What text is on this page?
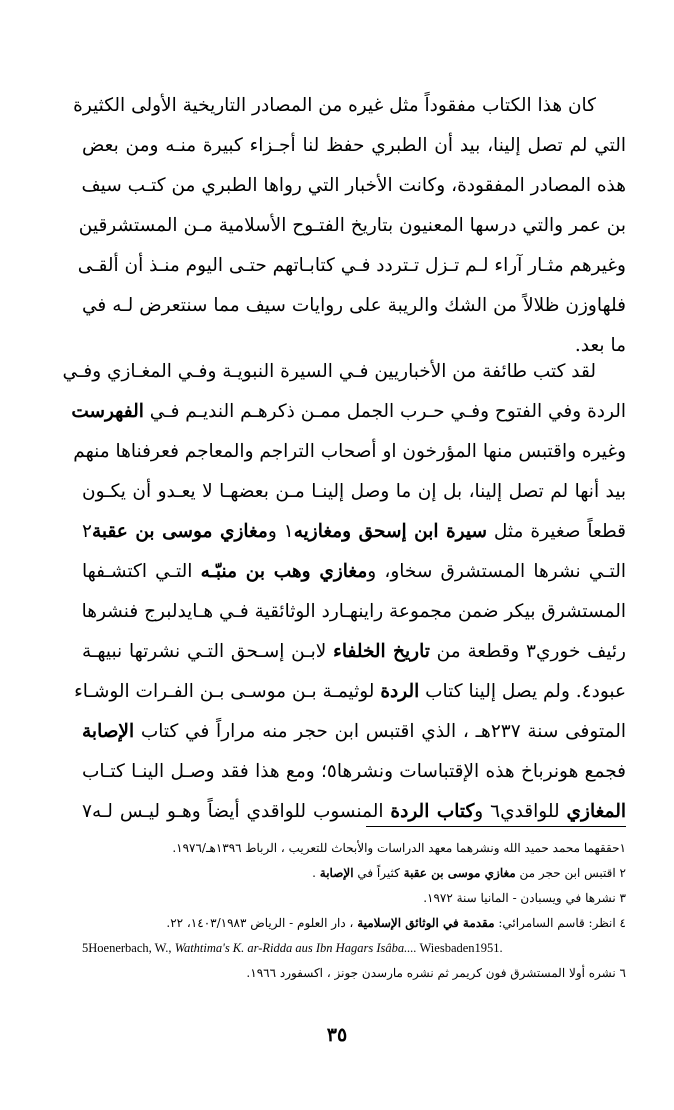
كان هذا الكتاب مفقوداً مثل غيره من المصادر التاريخية الأولى الكثيرة
التي لم تصل إلينا، بيد أن الطبري حفظ لنا أجـزاء كبيرة منـه ومن بعض
هذه المصادر المفقودة، وكانت الأخبار التي رواها الطبري من كتـب سيف
بن عمر والتي درسها المعنيون بتاريخ الفتـوح الأسلامية مـن المستشرقين
وغيرهم مثـار آراء لـم تـزل تـتردد فـي كتابـاتهم حتـى اليوم منـذ أن ألقـى
فلهاوزن ظلالاً من الشك والريبة على روايات سيف مما سنتعرض لـه في
ما بعد.
لقد كتب طائفة من الأخباريين فـي السيرة النبويـة وفـي المغـازي وفـي
الردة وفي الفتوح وفـي حـرب الجمل ممـن ذكرهـم النديـم فـي الفهرست
وغيره واقتبس منها المؤرخون او أصحاب التراجم والمعاجم فعرفناها منهم
بيد أنها لم تصل إلينا، بل إن ما وصل إلينـا مـن بعضهـا لا يعـدو أن يكـون
قطعاً صغيرة مثل سيرة ابن إسحق ومغازيه١ ومغازي موسى بن عقبة٢
التـي نشرها المستشرق سخاو، ومغازي وهب بن منبّـه التـي اكتشـفها
المستشرق بيكر ضمن مجموعة راينهـارد الوثائقية فـي هـايدلبرج فنشرها
رئيف خوري٣ وقطعة من تاريخ الخلفاء لابـن إسـحق التـي نشرتها نبيهـة
عبود٤. ولم يصل إلينا كتاب الردة لوثيمـة بـن موسـى بـن الفـرات الوشـاء
المتوفى سنة ٢٣٧هـ ، الذي اقتبس ابن حجر منه مراراً في كتاب الإصابة
فجمع هونرباخ هذه الإقتباسات ونشرها٥؛ ومع هذا فقد وصـل الينـا كتـاب
المغازي للواقدي٦ وكتاب الردة المنسوب للواقدي أيضاً وهـو ليـس لـه٧
١حققهما محمد حميد الله ونشرهما معهد الدراسات والأبحاث للتعريب ، الرباط ١٣٩٦هـ/١٩٧٦.
٢ اقتبس ابن حجر من مغازي موسى بن عقبة كثيراً في الإصابة .
٣ نشرها في ويسبادن - المانيا سنة ١٩٧٢.
٤ انظر: قاسم السامرائي: مقدمة في الوثائق الإسلامية ، دار العلوم - الرياض ١٤٠٣/١٩٨٣، ٢٢.
5Hoenerbach, W., Wathtima's K. ar-Ridda aus Ibn Hagars Isâba.... Wiesbaden1951.
٦ نشره أولا المستشرق فون كريمر ثم نشره مارسدن جونز ، اكسفورد ١٩٦٦.
٣٥
